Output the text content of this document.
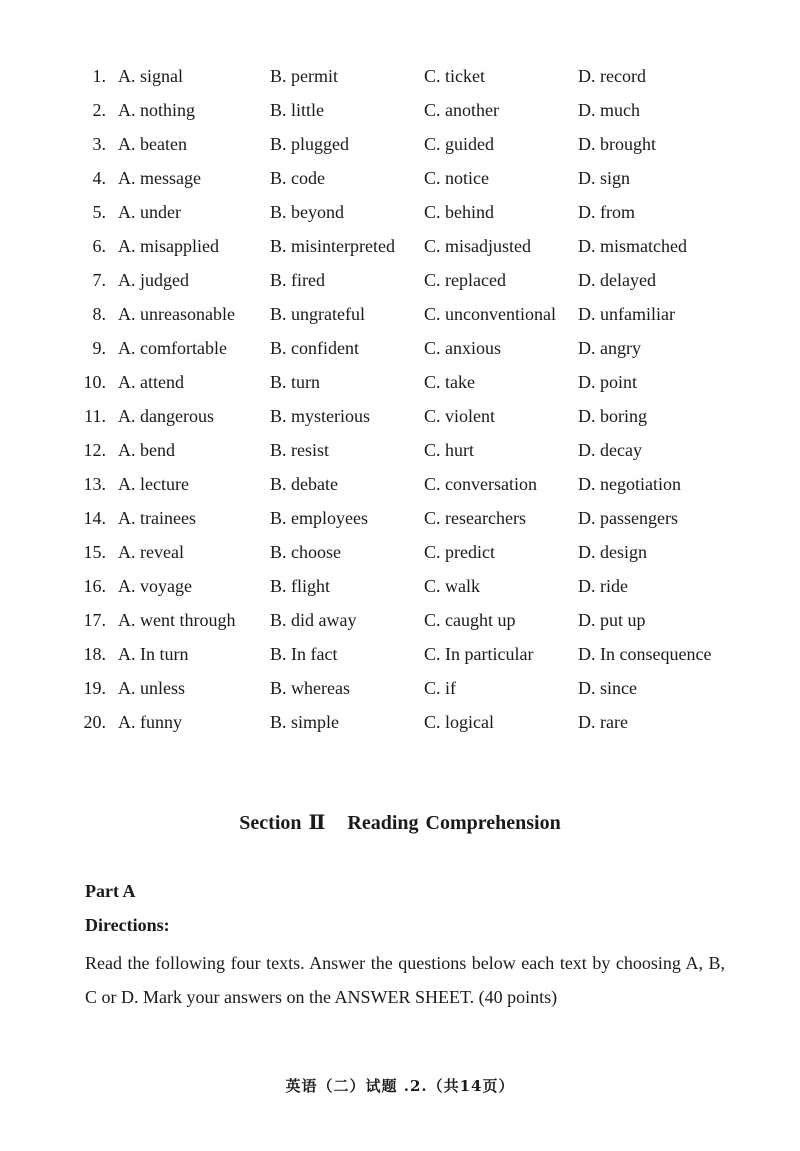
1. A. signal	B. permit	C. ticket	D. record
2. A. nothing	B. little	C. another	D. much
3. A. beaten	B. plugged	C. guided	D. brought
4. A. message	B. code	C. notice	D. sign
5. A. under	B. beyond	C. behind	D. from
6. A. misapplied	B. misinterpreted C. misadjusted	D. mismatched
7. A. judged	B. fired	C. replaced	D. delayed
8. A. unreasonable B. ungrateful	C. unconventional D. unfamiliar
9. A. comfortable B. confident	C. anxious	D. angry
10. A. attend	B. turn	C. take	D. point
11. A. dangerous	B. mysterious	C. violent	D. boring
12. A. bend	B. resist	C. hurt	D. decay
13. A. lecture	B. debate	C. conversation D. negotiation
14. A. trainees	B. employees	C. researchers	D. passengers
15. A. reveal	B. choose	C. predict	D. design
16. A. voyage	B. flight	C. walk	D. ride
17. A. went through B. did away	C. caught up	D. put up
18. A. In turn	B. In fact	C. In particular D. In consequence
19. A. unless	B. whereas	C. if	D. since
20. A. funny	B. simple	C. logical	D. rare
Section Ⅱ Reading Comprehension
Part A
Directions:
Read the following four texts. Answer the questions below each text by choosing A, B, C or D. Mark your answers on the ANSWER SHEET. (40 points)
英语（二）试题 .2.（共14页）
